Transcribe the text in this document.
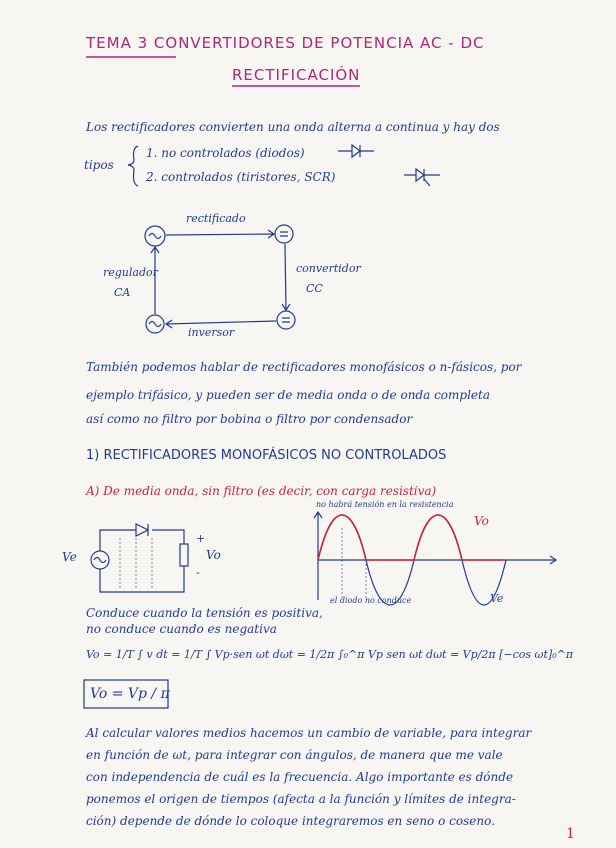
TEMA 3 CONVERTIDORES DE POTENCIA AC - DC
RECTIFICACIÓN
Los rectificadores convierten una onda alterna a continua y hay dos
tipos
1. no controlados (diodos)
2. controlados (tiristores, SCR)
rectificado
regulador
CA
convertidor
CC
inversor
También podemos hablar de rectificadores monofásicos o n-fásicos, por
ejemplo trifásico, y pueden ser de media onda o de onda completa
así como no filtro por bobina o filtro por condensador
1) RECTIFICADORES MONOFÁSICOS NO CONTROLADOS
A) De media onda, sin filtro (es decir, con carga resistiva)
Ve	Vo
+
-
Vo
Ve
no habrá tensión en la resistencia
el diodo no conduce
Conduce cuando la tensión es positiva,
no conduce cuando es negativa
Vo = 1/T ∫ v dt = 1/T ∫ Vp·sen ωt dωt = 1/2π ∫₀^π Vp sen ωt dωt = Vp/2π [−cos ωt]₀^π
Vo = Vp / π
Al calcular valores medios hacemos un cambio de variable, para integrar
en función de ωt, para integrar con ángulos, de manera que me vale
con independencia de cuál es la frecuencia. Algo importante es dónde
ponemos el origen de tiempos (afecta a la función y límites de integra-
ción) depende de dónde lo coloque integraremos en seno o coseno.
1
